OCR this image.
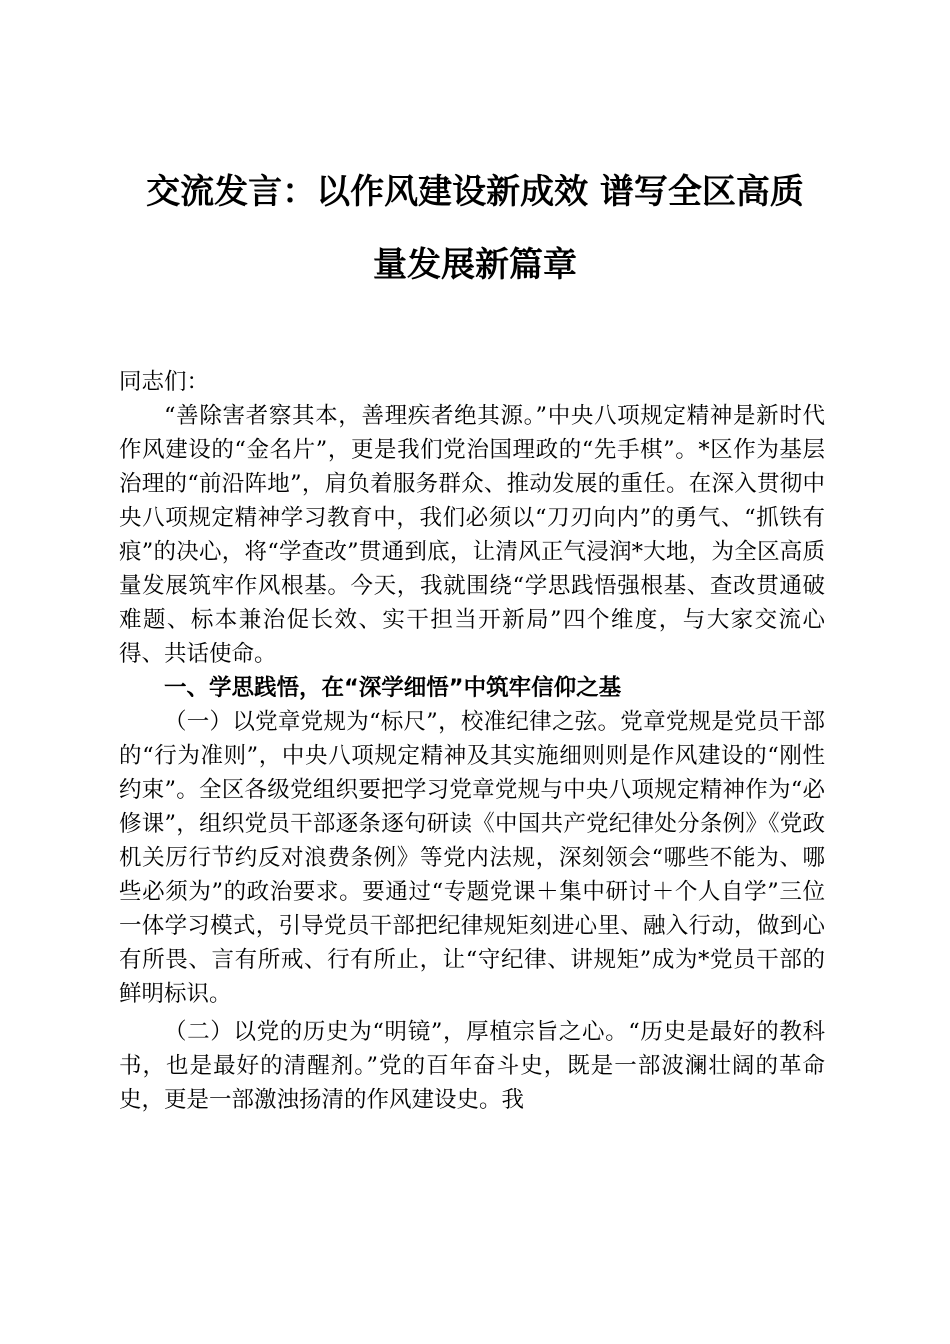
交流发言：以作风建设新成效 谱写全区高质
量发展新篇章

同志们：

“善除害者察其本，善理疾者绝其源。”中央八项规定精神是新时代作风建设的“金名片”，更是我们党治国理政的“先手棋”。*区作为基层治理的“前沿阵地”，肩负着服务群众、推动发展的重任。在深入贯彻中央八项规定精神学习教育中，我们必须以“刀刃向内”的勇气、“抓铁有痕”的决心，将“学查改”贯通到底，让清风正气浸润*大地，为全区高质量发展筑牢作风根基。今天，我就围绕“学思践悟强根基、查改贯通破难题、标本兼治促长效、实干担当开新局”四个维度，与大家交流心得、共话使命。

一、学思践悟，在“深学细悟”中筑牢信仰之基

（一）以党章党规为“标尺”，校准纪律之弦。党章党规是党员干部的“行为准则”，中央八项规定精神及其实施细则则是作风建设的“刚性约束”。全区各级党组织要把学习党章党规与中央八项规定精神作为“必修课”，组织党员干部逐条逐句研读《中国共产党纪律处分条例》《党政机关厉行节约反对浪费条例》等党内法规，深刻领会“哪些不能为、哪些必须为”的政治要求。要通过“专题党课＋集中研讨＋个人自学”三位一体学习模式，引导党员干部把纪律规矩刻进心里、融入行动，做到心有所畏、言有所戒、行有所止，让“守纪律、讲规矩”成为*党员干部的鲜明标识。

（二）以党的历史为“明镜”，厚植宗旨之心。“历史是最好的教科书，也是最好的清醒剂。”党的百年奋斗史，既是一部波澜壮阔的革命史，更是一部激浊扬清的作风建设史。我
